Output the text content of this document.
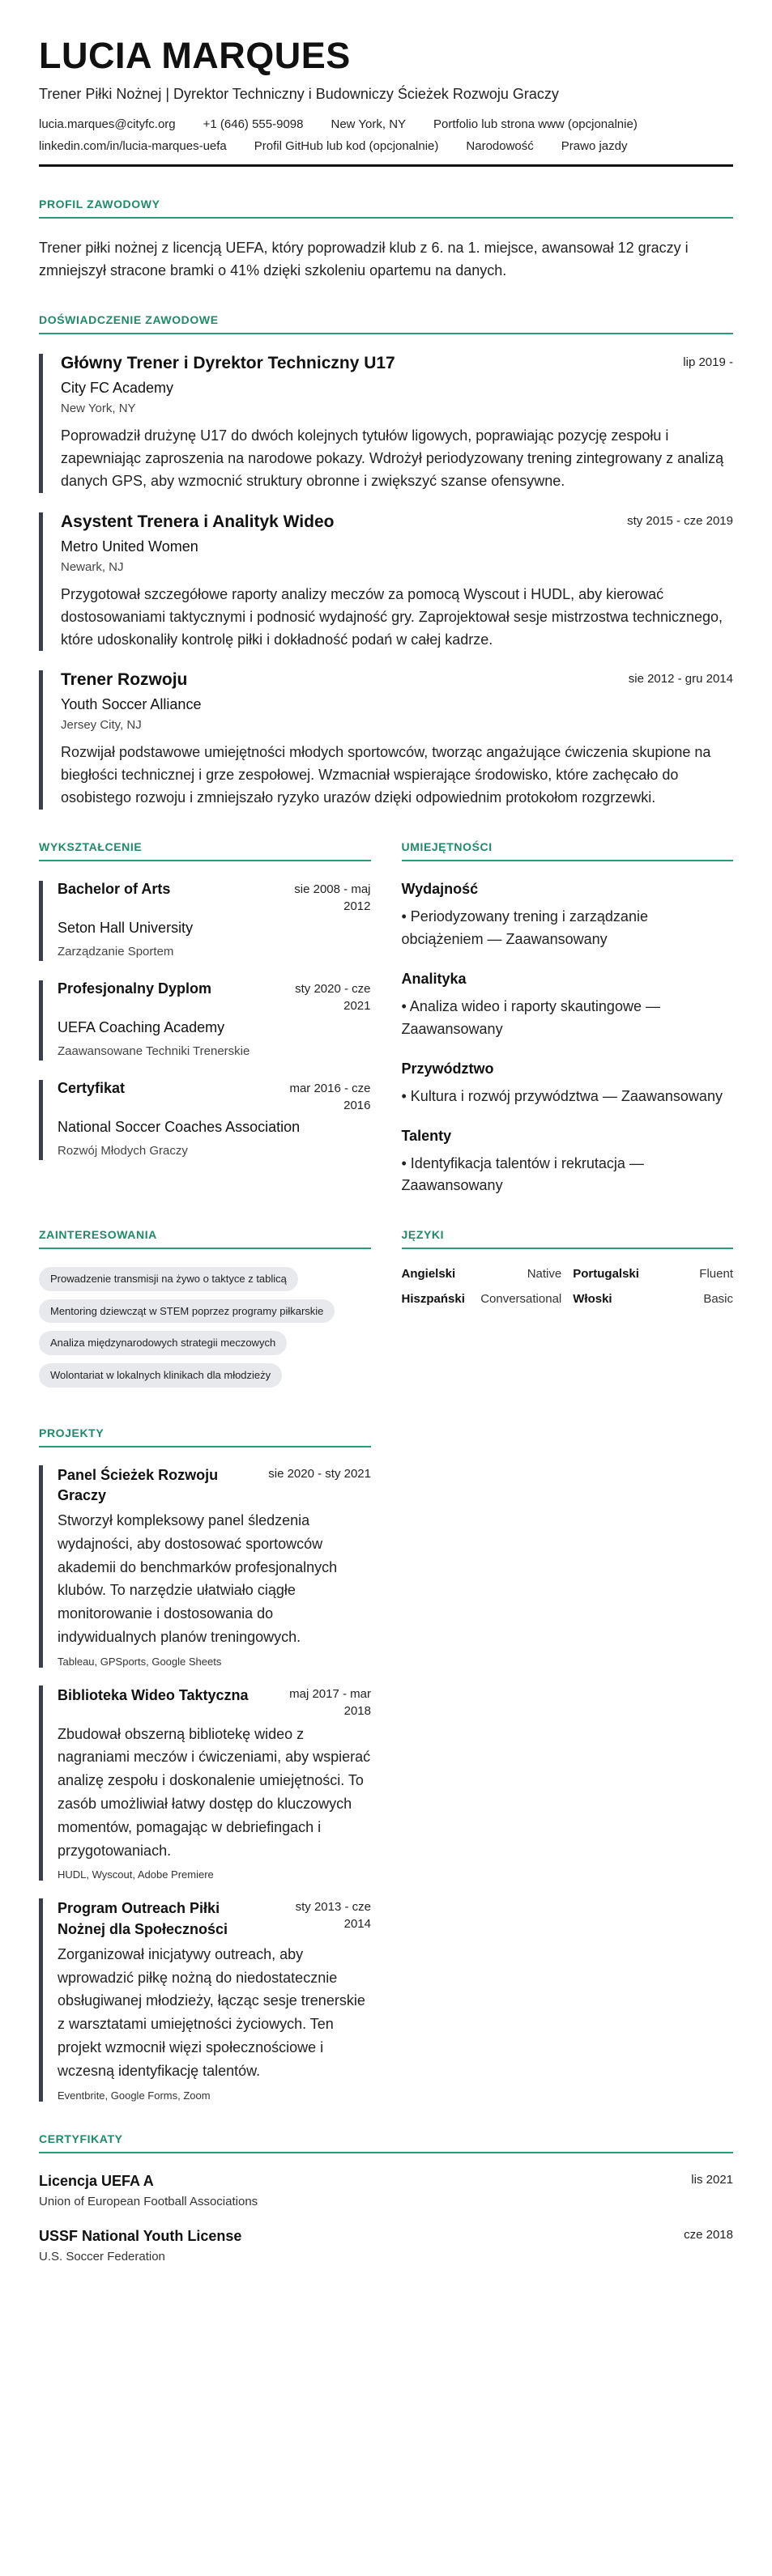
LUCIA MARQUES
Trener Piłki Nożnej | Dyrektor Techniczny i Budowniczy Ścieżek Rozwoju Graczy
lucia.marques@cityfc.org +1 (646) 555-9098 New York, NY Portfolio lub strona www (opcjonalnie)
linkedin.com/in/lucia-marques-uefa Profil GitHub lub kod (opcjonalnie) Narodowość Prawo jazdy
PROFIL ZAWODOWY
Trener piłki nożnej z licencją UEFA, który poprowadził klub z 6. na 1. miejsce, awansował 12 graczy i zmniejszył stracone bramki o 41% dzięki szkoleniu opartemu na danych.
DOŚWIADCZENIE ZAWODOWE
Główny Trener i Dyrektor Techniczny U17	lip 2019 -
City FC Academy
New York, NY
Poprowadził drużynę U17 do dwóch kolejnych tytułów ligowych, poprawiając pozycję zespołu i zapewniając zaproszenia na narodowe pokazy. Wdrożył periodyzowany trening zintegrowany z analizą danych GPS, aby wzmocnić struktury obronne i zwiększyć szanse ofensywne.
Asystent Trenera i Analityk Wideo	sty 2015 - cze 2019
Metro United Women
Newark, NJ
Przygotował szczegółowe raporty analizy meczów za pomocą Wyscout i HUDL, aby kierować dostosowaniami taktycznymi i podnosić wydajność gry. Zaprojektował sesje mistrzostwa technicznego, które udoskonaliły kontrolę piłki i dokładność podań w całej kadrze.
Trener Rozwoju	sie 2012 - gru 2014
Youth Soccer Alliance
Jersey City, NJ
Rozwijał podstawowe umiejętności młodych sportowców, tworząc angażujące ćwiczenia skupione na biegłości technicznej i grze zespołowej. Wzmacniał wspierające środowisko, które zachęcało do osobistego rozwoju i zmniejszało ryzyko urazów dzięki odpowiednim protokołom rozgrzewki.
WYKSZTAŁCENIE
Bachelor of Arts	sie 2008 - maj 2012
Seton Hall University
Zarządzanie Sportem
Profesjonalny Dyplom	sty 2020 - cze 2021
UEFA Coaching Academy
Zaawansowane Techniki Trenerskie
Certyfikat	mar 2016 - cze 2016
National Soccer Coaches Association
Rozwój Młodych Graczy
UMIEJĘTNOŚCI
Wydajność
• Periodyzowany trening i zarządzanie obciążeniem — Zaawansowany
Analityka
• Analiza wideo i raporty skautingowe — Zaawansowany
Przywództwo
• Kultura i rozwój przywództwa — Zaawansowany
Talenty
• Identyfikacja talentów i rekrutacja — Zaawansowany
ZAINTERESOWANIA
Prowadzenie transmisji na żywo o taktyce z tablicą
Mentoring dziewcząt w STEM poprzez programy piłkarskie
Analiza międzynarodowych strategii meczowych
Wolontariat w lokalnych klinikach dla młodzieży
JĘZYKI
Angielski	Native Portugalski	Fluent
Hiszpański Conversational Włoski	Basic
PROJEKTY
Panel Ścieżek Rozwoju Graczy
sie 2020 - sty 2021
Stworzył kompleksowy panel śledzenia wydajności, aby dostosować sportowców akademii do benchmarków profesjonalnych klubów. To narzędzie ułatwiało ciągłe monitorowanie i dostosowania do indywidualnych planów treningowych.
Tableau, GPSports, Google Sheets
Biblioteka Wideo Taktyczna	maj 2017 - mar 2018
Zbudował obszerną bibliotekę wideo z nagraniami meczów i ćwiczeniami, aby wspierać analizę zespołu i doskonalenie umiejętności. To zasób umożliwiał łatwy dostęp do kluczowych momentów, pomagając w debriefingach i przygotowaniach.
HUDL, Wyscout, Adobe Premiere
Program Outreach Piłki Nożnej dla Społeczności
sty 2013 - cze 2014
Zorganizował inicjatywy outreach, aby wprowadzić piłkę nożną do niedostatecznie obsługiwanej młodzieży, łącząc sesje trenerskie z warsztatami umiejętności życiowych. Ten projekt wzmocnił więzi społecznościowe i wczesną identyfikację talentów.
Eventbrite, Google Forms, Zoom
CERTYFIKATY
Licencja UEFA A	lis 2021
Union of European Football Associations
USSF National Youth License	cze 2018
U.S. Soccer Federation
